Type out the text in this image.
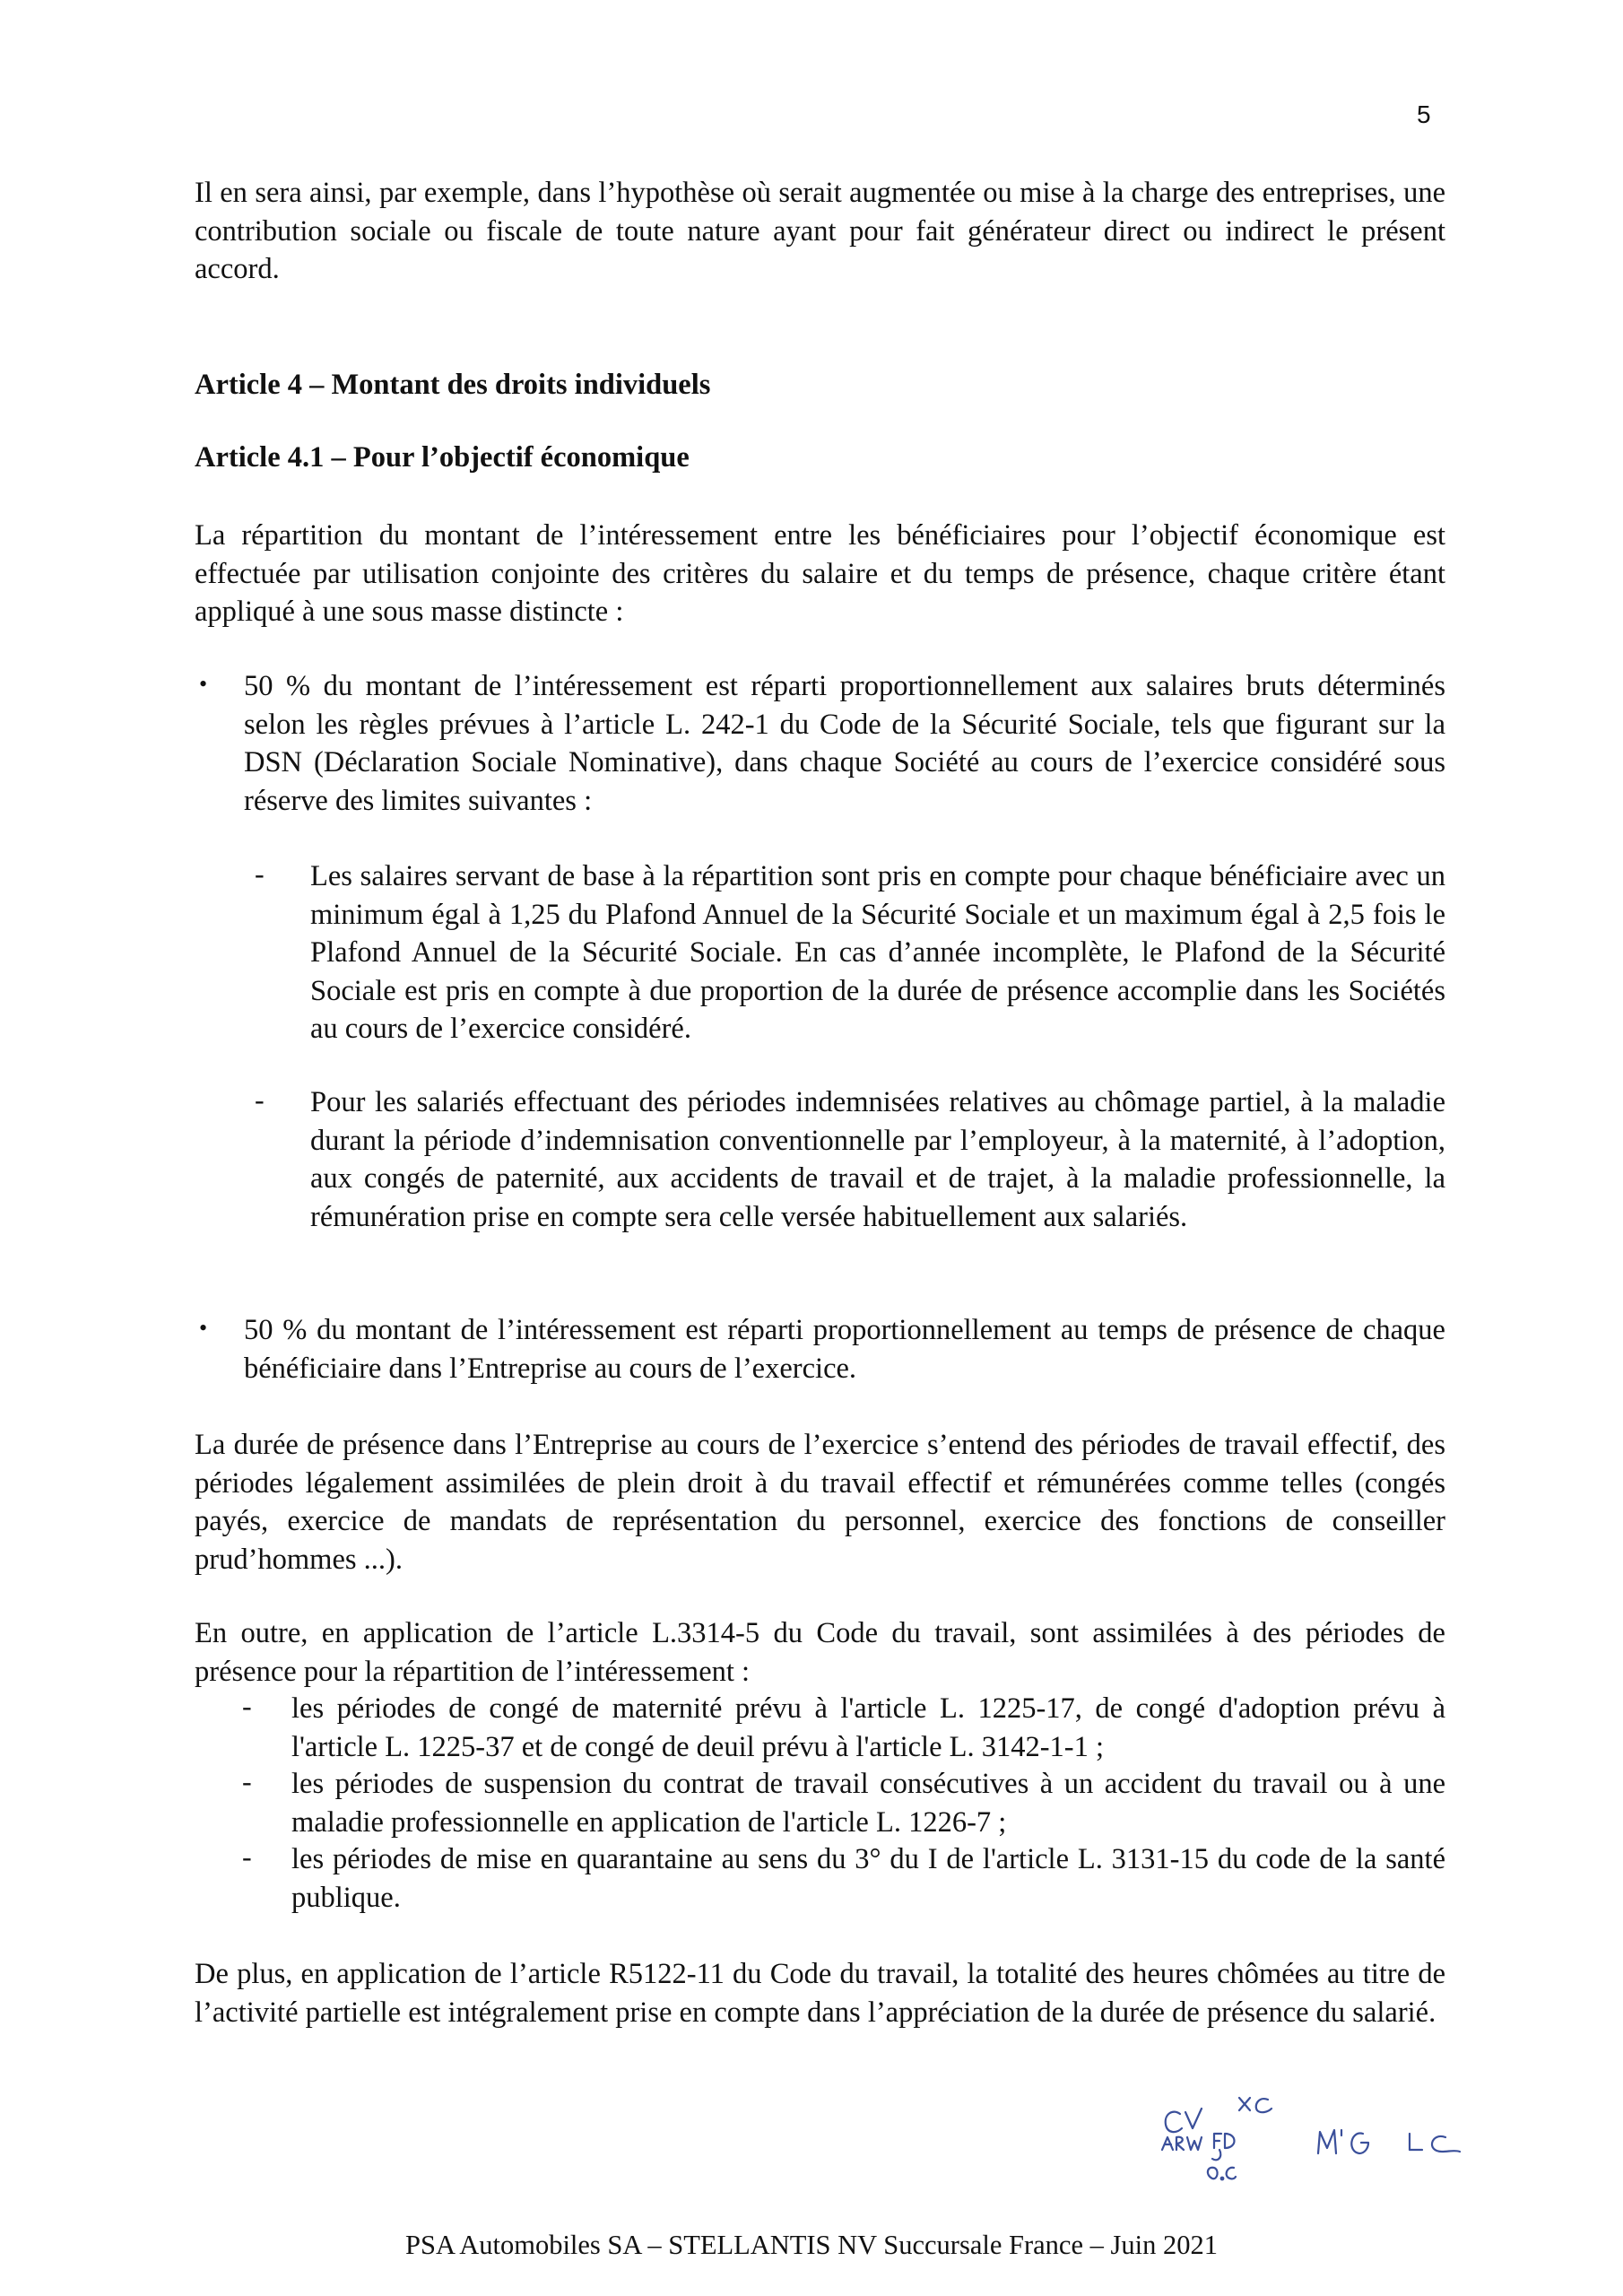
5
Il en sera ainsi, par exemple, dans l’hypothèse où serait augmentée ou mise à la charge des entreprises, une contribution sociale ou fiscale de toute nature ayant pour fait générateur direct ou indirect le présent accord.
Article 4 – Montant des droits individuels
Article 4.1 – Pour l’objectif économique
La répartition du montant de l’intéressement entre les bénéficiaires pour l’objectif économique est effectuée par utilisation conjointe des critères du salaire et du temps de présence, chaque critère étant appliqué à une sous masse distincte :
• 50 % du montant de l’intéressement est réparti proportionnellement aux salaires bruts déterminés selon les règles prévues à l’article L. 242-1 du Code de la Sécurité Sociale, tels que figurant sur la DSN (Déclaration Sociale Nominative), dans chaque Société au cours de l’exercice considéré sous réserve des limites suivantes :
- Les salaires servant de base à la répartition sont pris en compte pour chaque bénéficiaire avec un minimum égal à 1,25 du Plafond Annuel de la Sécurité Sociale et un maximum égal à 2,5 fois le Plafond Annuel de la Sécurité Sociale. En cas d’année incomplète, le Plafond de la Sécurité Sociale est pris en compte à due proportion de la durée de présence accomplie dans les Sociétés au cours de l’exercice considéré.
- Pour les salariés effectuant des périodes indemnisées relatives au chômage partiel, à la maladie durant la période d’indemnisation conventionnelle par l’employeur, à la maternité, à l’adoption, aux congés de paternité, aux accidents de travail et de trajet, à la maladie professionnelle, la rémunération prise en compte sera celle versée habituellement aux salariés.
• 50 % du montant de l’intéressement est réparti proportionnellement au temps de présence de chaque bénéficiaire dans l’Entreprise au cours de l’exercice.
La durée de présence dans l’Entreprise au cours de l’exercice s’entend des périodes de travail effectif, des périodes légalement assimilées de plein droit à du travail effectif et rémunérées comme telles (congés payés, exercice de mandats de représentation du personnel, exercice des fonctions de conseiller prud’hommes ...).
En outre, en application de l’article L.3314-5 du Code du travail, sont assimilées à des périodes de présence pour la répartition de l’intéressement :
- les périodes de congé de maternité prévu à l'article L. 1225-17, de congé d'adoption prévu à l'article L. 1225-37 et de congé de deuil prévu à l'article L. 3142-1-1 ;
- les périodes de suspension du contrat de travail consécutives à un accident du travail ou à une maladie professionnelle en application de l'article L. 1226-7 ;
- les périodes de mise en quarantaine au sens du 3° du I de l'article L. 3131-15 du code de la santé publique.
De plus, en application de l’article R5122-11 du Code du travail, la totalité des heures chômées au titre de l’activité partielle est intégralement prise en compte dans l’appréciation de la durée de présence du salarié.
PSA Automobiles SA – STELLANTIS NV Succursale France – Juin 2021
